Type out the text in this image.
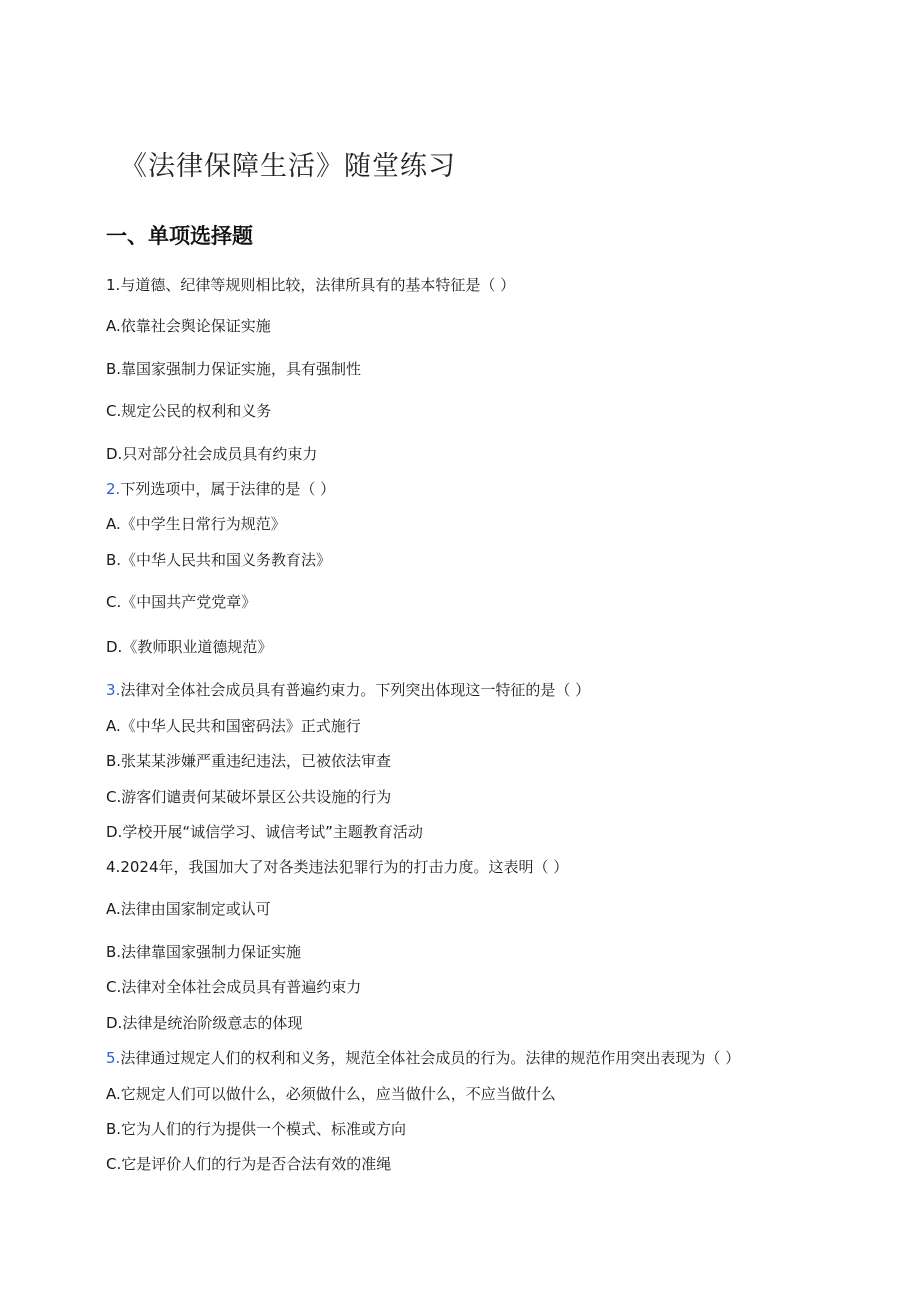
《法律保障生活》随堂练习
一、单项选择题
1.与道德、纪律等规则相比较，法律所具有的基本特征是（ ）
A.依靠社会舆论保证实施
B.靠国家强制力保证实施，具有强制性
C.规定公民的权利和义务
D.只对部分社会成员具有约束力
2.下列选项中，属于法律的是（ ）
A.《中学生日常行为规范》
B.《中华人民共和国义务教育法》
C.《中国共产党党章》
D.《教师职业道德规范》
3.法律对全体社会成员具有普遍约束力。下列突出体现这一特征的是（ ）
A.《中华人民共和国密码法》正式施行
B.张某某涉嫌严重违纪违法，已被依法审查
C.游客们谴责何某破坏景区公共设施的行为
D.学校开展“诚信学习、诚信考试”主题教育活动
4.2024年，我国加大了对各类违法犯罪行为的打击力度。这表明（ ）
A.法律由国家制定或认可
B.法律靠国家强制力保证实施
C.法律对全体社会成员具有普遍约束力
D.法律是统治阶级意志的体现
5.法律通过规定人们的权利和义务，规范全体社会成员的行为。法律的规范作用突出表现为（ ）
A.它规定人们可以做什么，必须做什么，应当做什么，不应当做什么
B.它为人们的行为提供一个模式、标准或方向
C.它是评价人们的行为是否合法有效的准绳
